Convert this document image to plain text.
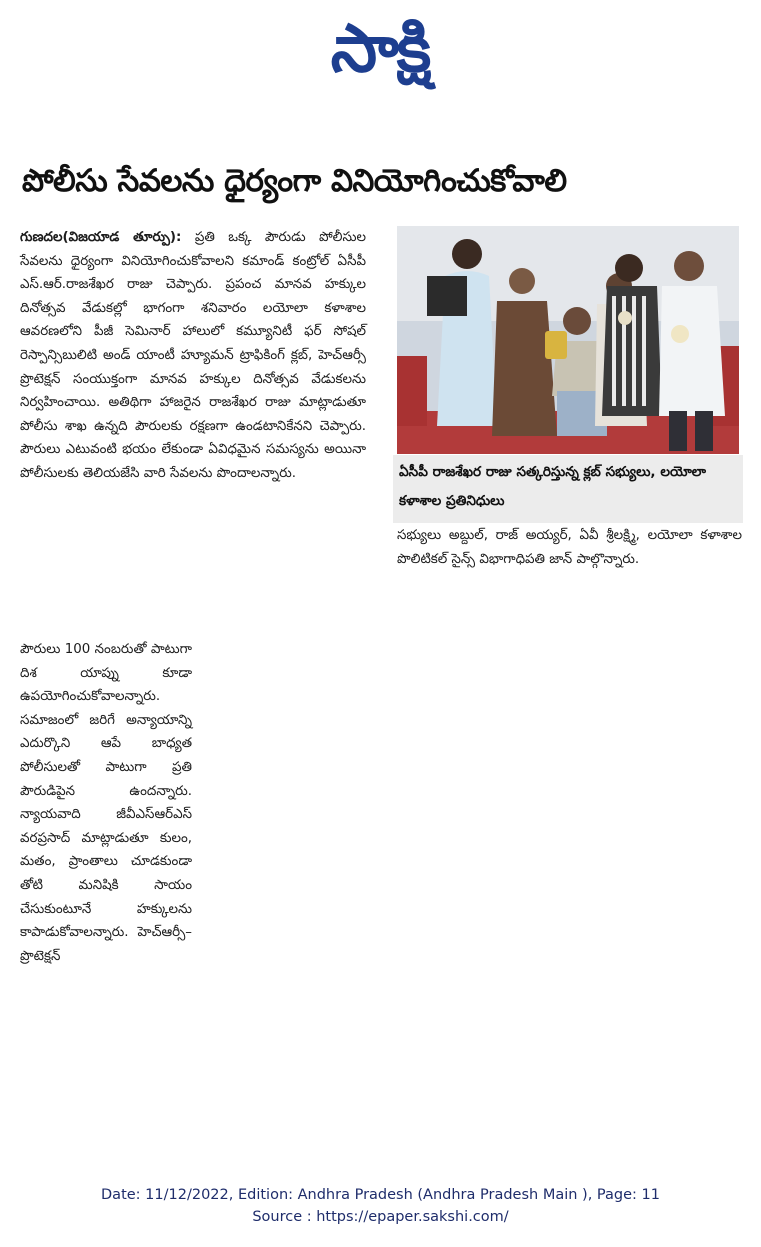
సాక్షి
పోలీసు సేవలను ధైర్యంగా వినియోగించుకోవాలి
గుణదల(విజయాడ తూర్పు): ప్రతి ఒక్క పౌరుడు పోలీసుల సేవలను ధైర్యంగా వినియోగించుకోవాలని కమాండ్ కంట్రోల్ ఏసీపీ ఎస్.ఆర్.రాజశేఖర రాజు చెప్పారు. ప్రపంచ మానవ హక్కుల దినోత్సవ వేడుకల్లో భాగంగా శనివారం లయోలా కళాశాల ఆవరణలోని పీజీ సెమినార్ హాలులో కమ్యూనిటీ ఫర్ సోషల్ రెస్పాన్సిబులిటి అండ్ యాంటీ హ్యూమన్ ట్రాఫికింగ్ క్లబ్, హెచ్ఆర్సీ ప్రొటెక్షన్ సంయుక్తంగా మానవ హక్కుల దినోత్సవ వేడుకలను నిర్వహించాయి. అతిథిగా హాజరైన రాజశేఖర రాజు మాట్లాడుతూ పోలీసు శాఖ ఉన్నది పౌరులకు రక్షణగా ఉండటానికేనని చెప్పారు. పౌరులు ఎటువంటి భయం లేకుండా ఏవిధమైన సమస్యను అయినా పోలీసులకు తెలియజేసి వారి సేవలను పొందాలన్నారు.
పౌరులు 100 నంబరుతో పాటుగా దిశ యాప్ను కూడా ఉపయోగించుకోవాలన్నారు. సమాజంలో జరిగే అన్యాయాన్ని ఎదుర్కొని ఆపే బాధ్యత పోలీసులతో పాటుగా ప్రతి పౌరుడిపైన ఉందన్నారు. న్యాయవాది జీవీఎస్ఆర్ఎస్ వరప్రసాద్ మాట్లాడుతూ కులం, మతం, ప్రాంతాలు చూడకుండా తోటి మనిషికి సాయం చేసుకుంటూనే హక్కులను కాపాడుకోవాలన్నారు. హెచ్ఆర్సీ–ప్రొటెక్షన్
ఏసీపీ రాజశేఖర రాజు సత్కరిస్తున్న క్లబ్ సభ్యులు, లయోలా కళాశాల ప్రతినిధులు
సభ్యులు అబ్దుల్, రాజ్ అయ్యర్, ఏవీ శ్రీలక్ష్మి, లయోలా కళాశాల పొలిటికల్ సైన్స్ విభాగాధిపతి జాన్ పాల్గొన్నారు.
Date: 11/12/2022, Edition: Andhra Pradesh (Andhra Pradesh Main ), Page: 11
Source : https://epaper.sakshi.com/
